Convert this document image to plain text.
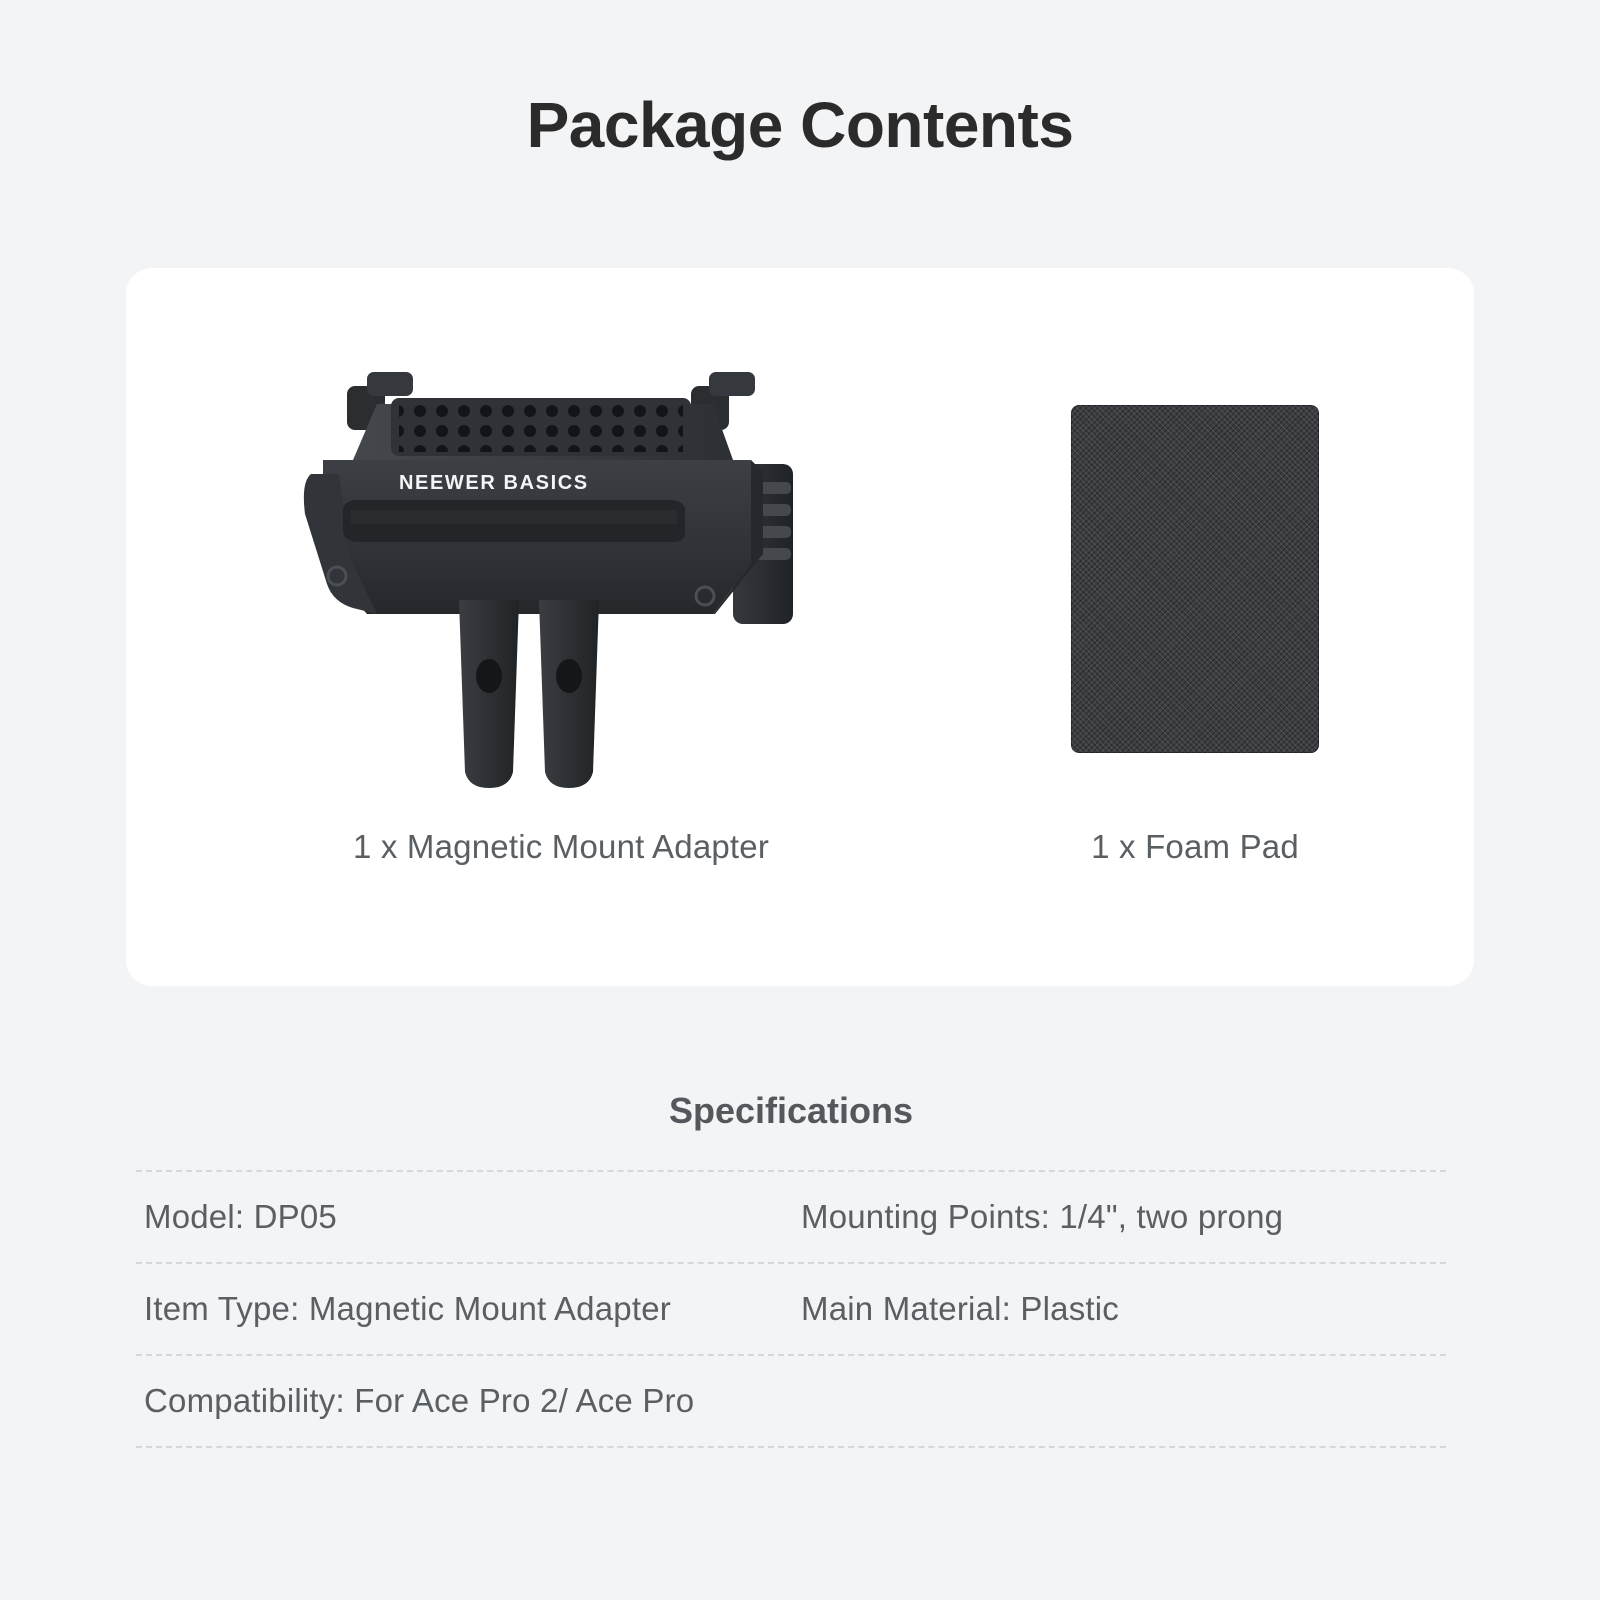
Package Contents
NEEWER BASICS
1 x Magnetic Mount Adapter	1 x Foam Pad
Specifications
Model: DP05	Mounting Points: 1/4", two prong
Item Type: Magnetic Mount Adapter	Main Material: Plastic
Compatibility: For Ace Pro 2/ Ace Pro
